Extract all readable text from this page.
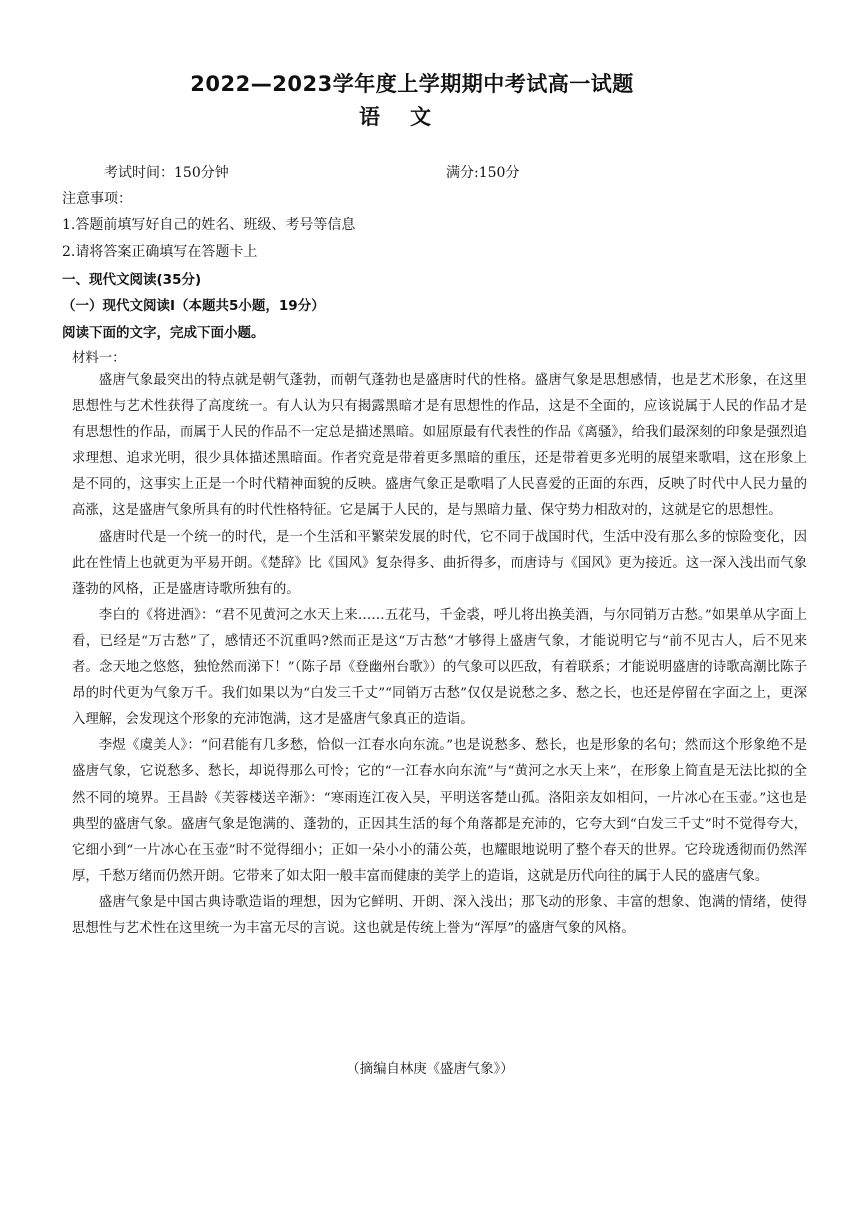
2022—2023学年度上学期期中考试高一试题
语文
考试时间：150分钟	满分:150分
注意事项：
1.答题前填写好自己的姓名、班级、考号等信息
2.请将答案正确填写在答题卡上
一、现代文阅读(35分)
（一）现代文阅读Ⅰ（本题共5小题，19分）
阅读下面的文字，完成下面小题。
材料一：

盛唐气象最突出的特点就是朝气蓬勃，而朝气蓬勃也是盛唐时代的性格。盛唐气象是思想感情，也是艺术形象，在这里思想性与艺术性获得了高度统一。有人认为只有揭露黑暗才是有思想性的作品，这是不全面的，应该说属于人民的作品才是有思想性的作品，而属于人民的作品不一定总是描述黑暗。如屈原最有代表性的作品《离骚》，给我们最深刻的印象是强烈追求理想、追求光明，很少具体描述黑暗面。作者究竟是带着更多黑暗的重压，还是带着更多光明的展望来歌唱，这在形象上是不同的，这事实上正是一个时代精神面貌的反映。盛唐气象正是歌唱了人民喜爱的正面的东西，反映了时代中人民力量的高涨，这是盛唐气象所具有的时代性格特征。它是属于人民的，是与黑暗力量、保守势力相敌对的，这就是它的思想性。

盛唐时代是一个统一的时代，是一个生活和平繁荣发展的时代，它不同于战国时代，生活中没有那么多的惊险变化，因此在性情上也就更为平易开朗。《楚辞》比《国风》复杂得多、曲折得多，而唐诗与《国风》更为接近。这一深入浅出而气象蓬勃的风格，正是盛唐诗歌所独有的。

李白的《将进酒》：“君不见黄河之水天上来……五花马，千金裘，呼儿将出换美酒，与尔同销万古愁。”如果单从字面上看，已经是“万古愁”了，感情还不沉重吗?然而正是这“万古愁”才够得上盛唐气象，才能说明它与“前不见古人，后不见来者。念天地之悠悠，独怆然而涕下！”（陈子昂《登幽州台歌》）的气象可以匹敌，有着联系；才能说明盛唐的诗歌高潮比陈子昂的时代更为气象万千。我们如果以为“白发三千丈”“同销万古愁”仅仅是说愁之多、愁之长，也还是停留在字面之上，更深入理解，会发现这个形象的充沛饱满，这才是盛唐气象真正的造诣。

李煜《虞美人》：“问君能有几多愁，恰似一江春水向东流。”也是说愁多、愁长，也是形象的名句；然而这个形象绝不是盛唐气象，它说愁多、愁长，却说得那么可怜；它的“一江春水向东流”与“黄河之水天上来”，在形象上简直是无法比拟的全然不同的境界。王昌龄《芙蓉楼送辛渐》：“寒雨连江夜入吴，平明送客楚山孤。洛阳亲友如相问，一片冰心在玉壶。”这也是典型的盛唐气象。盛唐气象是饱满的、蓬勃的，正因其生活的每个角落都是充沛的，它夸大到“白发三千丈”时不觉得夸大，它细小到“一片冰心在玉壶”时不觉得细小；正如一朵小小的蒲公英，也耀眼地说明了整个春天的世界。它玲珑透彻而仍然浑厚，千愁万绪而仍然开朗。它带来了如太阳一般丰富而健康的美学上的造诣，这就是历代向往的属于人民的盛唐气象。

盛唐气象是中国古典诗歌造诣的理想，因为它鲜明、开朗、深入浅出；那飞动的形象、丰富的想象、饱满的情绪，使得思想性与艺术性在这里统一为丰富无尽的言说。这也就是传统上誉为“浑厚”的盛唐气象的风格。

（摘编自林庚《盛唐气象》）
